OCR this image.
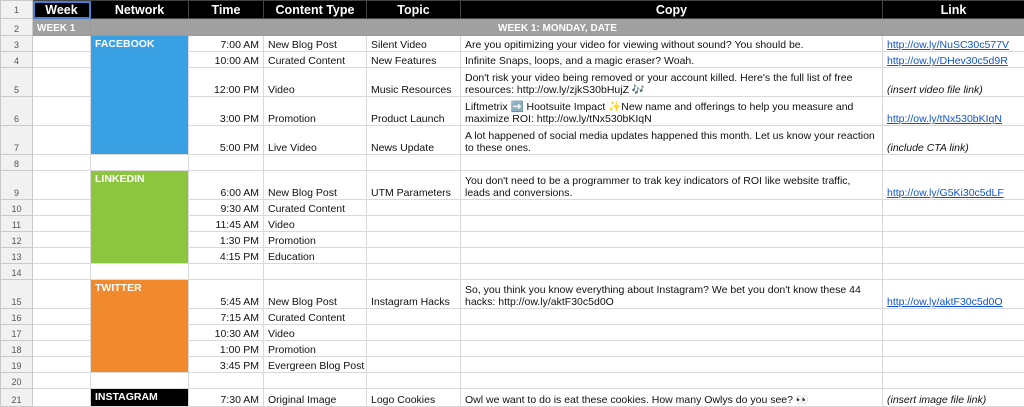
1	Week	Network	Time	Content Type	Topic	Copy	Link
2	WEEK 1	WEEK 1: MONDAY, DATE					
3		FACEBOOK	7:00 AM	New Blog Post	Silent Video	Are you opitimizing your video for viewing without sound? You should be.	http://ow.ly/NuSC30c577V
4			10:00 AM	Curated Content	New Features	Infinite Snaps, loops, and a magic eraser? Woah.	http://ow.ly/DHev30c5d9R
5			12:00 PM	Video	Music Resources	Don't risk your video being removed or your account killed. Here's the full list of free resources: http://ow.ly/zjkS30bHujZ 🎶	(insert video file link)
6			3:00 PM	Promotion	Product Launch	Liftmetrix ➡️ Hootsuite Impact ✨New name and offerings to help you measure and maximize ROI: http://ow.ly/tNx530bKIqN	http://ow.ly/tNx530bKIqN
7			5:00 PM	Live Video	News Update	A lot happened of social media updates happened this month. Let us know your reaction to these ones.	(include CTA link)
8							
9		LINKEDIN	6:00 AM	New Blog Post	UTM Parameters	You don't need to be a programmer to trak key indicators of ROI like website traffic, leads and conversions.	http://ow.ly/G5Ki30c5dLF
10			9:30 AM	Curated Content			
11			11:45 AM	Video			
12			1:30 PM	Promotion			
13			4:15 PM	Education			
14							
15		TWITTER	5:45 AM	New Blog Post	Instagram Hacks	So, you think you know everything about Instagram? We bet you don't know these 44 hacks: http://ow.ly/aktF30c5d0O	http://ow.ly/aktF30c5d0O
16			7:15 AM	Curated Content			
17			10:30 AM	Video			
18			1:00 PM	Promotion			
19			3:45 PM	Evergreen Blog Post			
20							
21		INSTAGRAM	7:30 AM	Original Image	Logo Cookies	Owl we want to do is eat these cookies. How many Owlys do you see? 👀	(insert image file link)
